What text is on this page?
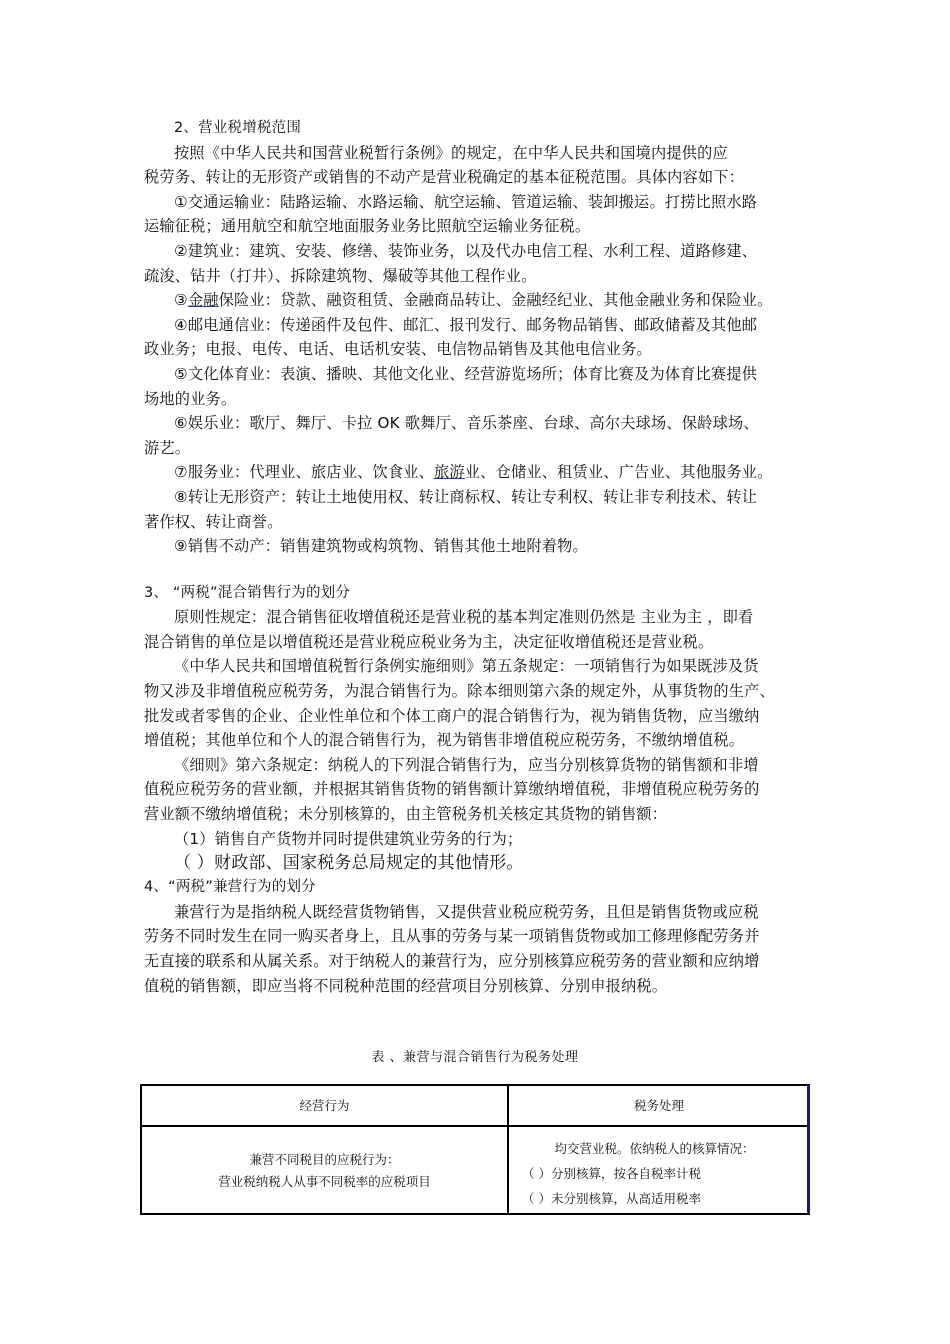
2、营业税增税范围

按照《中华人民共和国营业税暂行条例》的规定，在中华人民共和国境内提供的应

税劳务、转让的无形资产或销售的不动产是营业税确定的基本征税范围。具体内容如下：

①交通运输业：陆路运输、水路运输、航空运输、管道运输、装卸搬运。打捞比照水路

运输征税；通用航空和航空地面服务业务比照航空运输业务征税。

②建筑业：建筑、安装、修缮、装饰业务，以及代办电信工程、水利工程、道路修建、

疏浚、钻井（打井）、拆除建筑物、爆破等其他工程作业。

③金融保险业：贷款、融资租赁、金融商品转让、金融经纪业、其他金融业务和保险业。

④邮电通信业：传递函件及包件、邮汇、报刊发行、邮务物品销售、邮政储蓄及其他邮

政业务；电报、电传、电话、电话机安装、电信物品销售及其他电信业务。

⑤文化体育业：表演、播映、其他文化业、经营游览场所；体育比赛及为体育比赛提供

场地的业务。

⑥娱乐业：歌厅、舞厅、卡拉 OK 歌舞厅、音乐茶座、台球、高尔夫球场、保龄球场、

游艺。

⑦服务业：代理业、旅店业、饮食业、旅游业、仓储业、租赁业、广告业、其他服务业。

⑧转让无形资产：转让土地使用权、转让商标权、转让专利权、转让非专利技术、转让

著作权、转让商誉。

⑨销售不动产：销售建筑物或构筑物、销售其他土地附着物。

3、 “两税”混合销售行为的划分

原则性规定：混合销售征收增值税还是营业税的基本判定准则仍然是 主业为主 ，即看

混合销售的单位是以增值税还是营业税应税业务为主，决定征收增值税还是营业税。

《中华人民共和国增值税暂行条例实施细则》第五条规定：一项销售行为如果既涉及货

物又涉及非增值税应税劳务，为混合销售行为。除本细则第六条的规定外，从事货物的生产、

批发或者零售的企业、企业性单位和个体工商户的混合销售行为，视为销售货物，应当缴纳

增值税；其他单位和个人的混合销售行为，视为销售非增值税应税劳务，不缴纳增值税。

《细则》第六条规定：纳税人的下列混合销售行为，应当分别核算货物的销售额和非增

值税应税劳务的营业额，并根据其销售货物的销售额计算缴纳增值税，非增值税应税劳务的

营业额不缴纳增值税；未分别核算的，由主管税务机关核定其货物的销售额：

（1）销售自产货物并同时提供建筑业劳务的行为；

（ ）财政部、国家税务总局规定的其他情形。

4、“两税”兼营行为的划分

兼营行为是指纳税人既经营货物销售，又提供营业税应税劳务，且但是销售货物或应税

劳务不同时发生在同一购买者身上，且从事的劳务与某一项销售货物或加工修理修配劳务并

无直接的联系和从属关系。对于纳税人的兼营行为，应分别核算应税劳务的营业额和应纳增

值税的销售额，即应当将不同税种范围的经营项目分别核算、分别申报纳税。

表 、兼营与混合销售行为税务处理
经营行为	税务处理
兼营不同税目的应税行为：
营业税纳税人从事不同税率的应税项目
均交营业税。依纳税人的核算情况：
（ ）分别核算，按各自税率计税
（ ）未分别核算，从高适用税率
